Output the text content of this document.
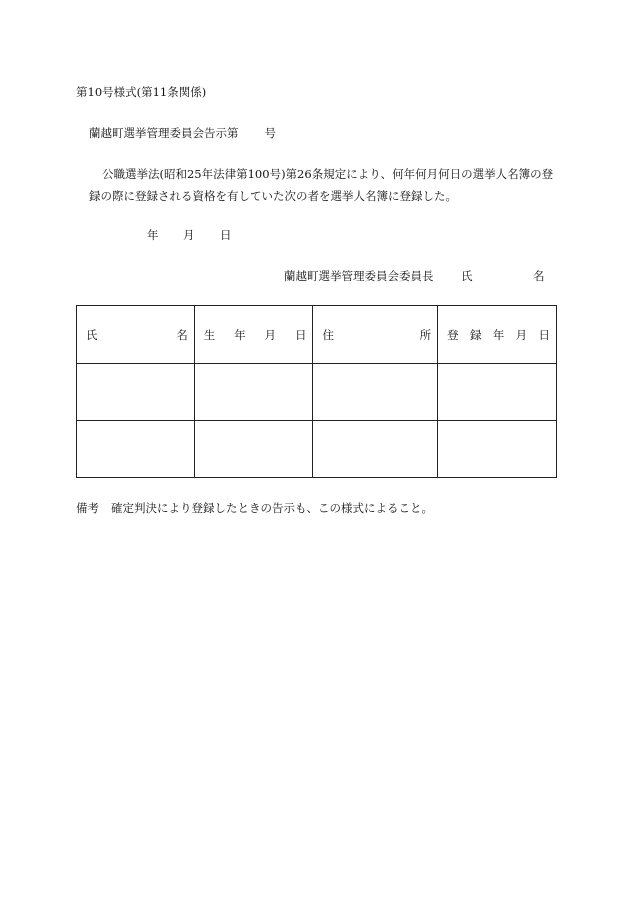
第10号様式(第11条関係)
蘭越町選挙管理委員会告示第 号
公職選挙法(昭和25年法律第100号)第26条規定により、何年何月何日の選挙人名簿の登
録の際に登録される資格を有していた次の者を選挙人名簿に登録した。
年 月 日
蘭越町選挙管理委員会委員長 氏	名
氏 名	生 年 月 日	住 所	登 録 年 月 日

備考 確定判決により登録したときの告示も、この様式によること。
